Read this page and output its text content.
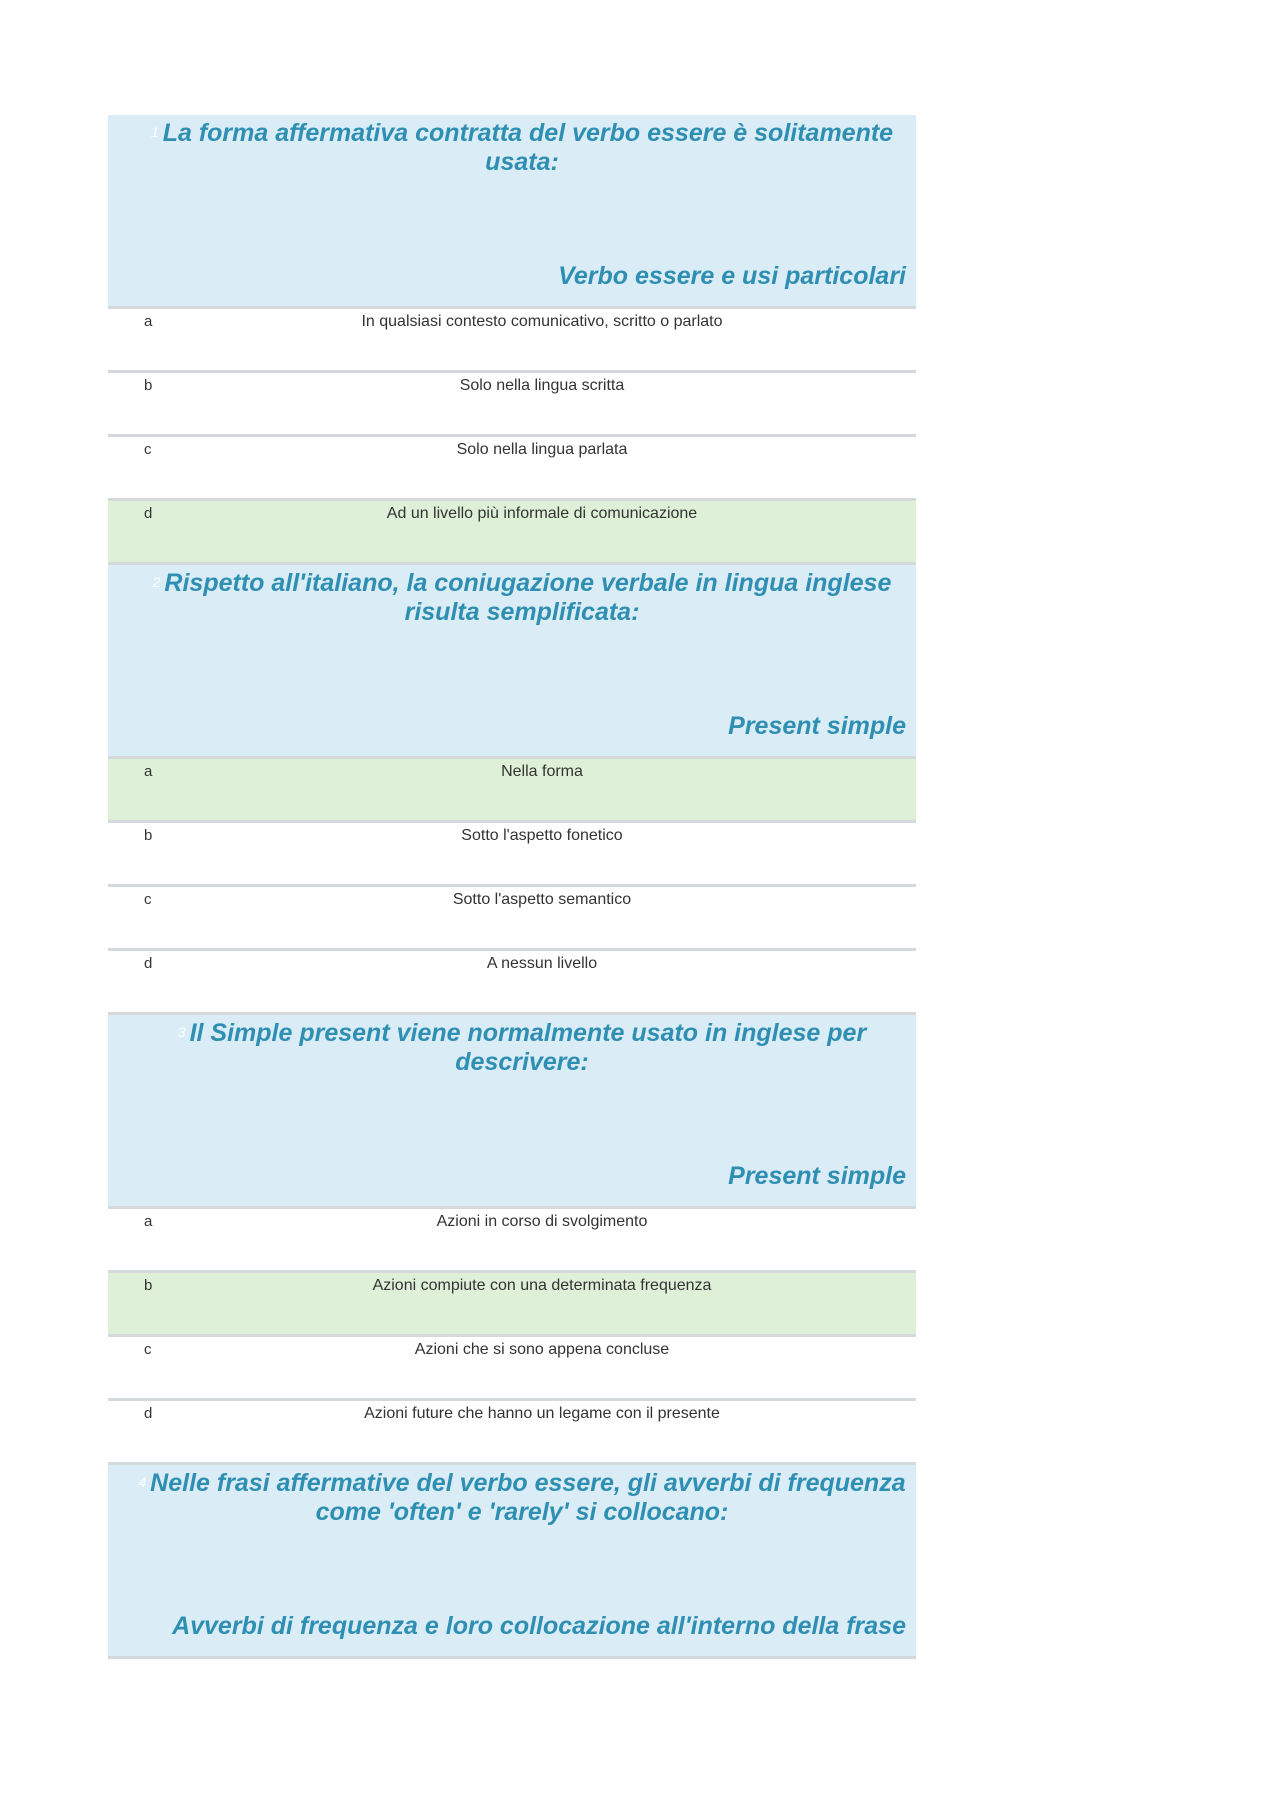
1 La forma affermativa contratta del verbo essere è solitamente usata:
Verbo essere e usi particolari
a	In qualsiasi contesto comunicativo, scritto o parlato
b	Solo nella lingua scritta
c	Solo nella lingua parlata
d	Ad un livello più informale di comunicazione
2 Rispetto all'italiano, la coniugazione verbale in lingua inglese risulta semplificata:
Present simple
a	Nella forma
b	Sotto l'aspetto fonetico
c	Sotto l'aspetto semantico
d	A nessun livello
3 Il Simple present viene normalmente usato in inglese per descrivere:
Present simple
a	Azioni in corso di svolgimento
b	Azioni compiute con una determinata frequenza
c	Azioni che si sono appena concluse
d	Azioni future che hanno un legame con il presente
4 Nelle frasi affermative del verbo essere, gli avverbi di frequenza come 'often' e 'rarely' si collocano:
Avverbi di frequenza e loro collocazione all'interno della frase
